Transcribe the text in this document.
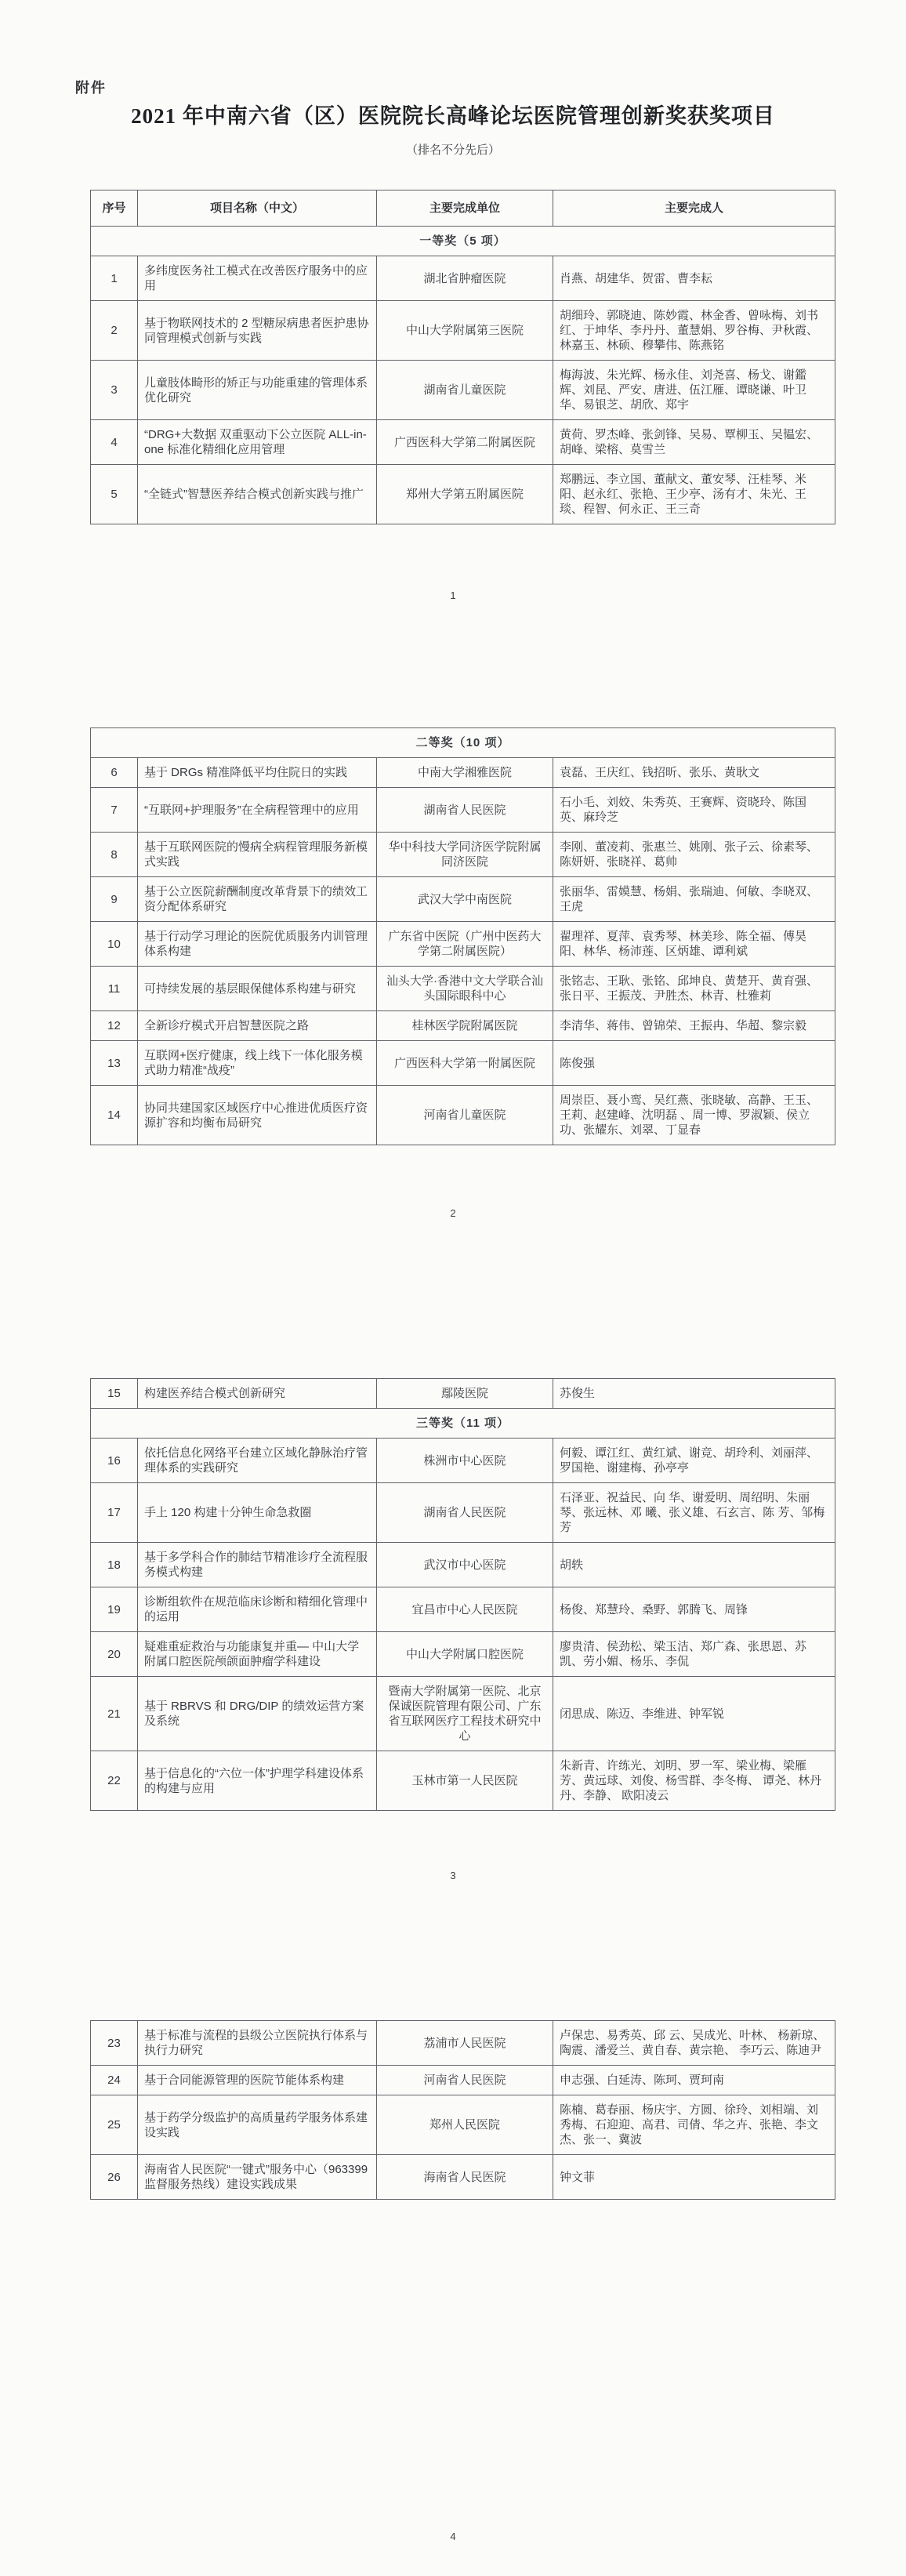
附件
2021 年中南六省（区）医院院长高峰论坛医院管理创新奖获奖项目
（排名不分先后）
序号	项目名称（中文）	主要完成单位	主要完成人
一等奖（5 项）			
1	多纬度医务社工模式在改善医疗服务中的应用	湖北省肿瘤医院	肖燕、胡建华、贺雷、曹李耘
2	基于物联网技术的 2 型糖尿病患者医护患协同管理模式创新与实践	中山大学附属第三医院	胡细玲、郭晓迪、陈妙霞、林金香、曾咏梅、刘书红、于坤华、李丹丹、董慧娟、罗谷梅、尹秋霞、林嘉玉、林硕、穆攀伟、陈燕铭
3	儿童肢体畸形的矫正与功能重建的管理体系优化研究	湖南省儿童医院	梅海波、朱光辉、杨永佳、刘尧喜、杨戈、谢鑑辉、刘昆、严安、唐进、伍江雁、谭晓谦、叶卫华、易银芝、胡欣、郑宇
4	“DRG+大数据 双重驱动下公立医院 ALL-in-one 标准化精细化应用管理	广西医科大学第二附属医院	黄荷、罗杰峰、张剑锋、吴易、覃柳玉、吴韫宏、胡峰、梁榕、莫雪兰
5	“全链式”智慧医养结合模式创新实践与推广	郑州大学第五附属医院	郑鹏远、李立国、董献文、董安琴、汪桂琴、米阳、赵永红、张艳、王少亭、汤有才、朱光、王琰、程智、何永正、王三奇
1
二等奖（10 项）			
6	基于 DRGs 精准降低平均住院日的实践	中南大学湘雅医院	袁磊、王庆红、钱招昕、张乐、黄耿文
7	“互联网+护理服务”在全病程管理中的应用	湖南省人民医院	石小毛、刘姣、朱秀英、王赛辉、资晓玲、陈国英、麻玲芝
8	基于互联网医院的慢病全病程管理服务新模式实践	华中科技大学同济医学院附属同济医院	李刚、董凌莉、张惠兰、姚刚、张子云、徐素琴、陈妍妍、张晓祥、葛帅
9	基于公立医院薪酬制度改革背景下的绩效工资分配体系研究	武汉大学中南医院	张丽华、雷嫫慧、杨娟、张瑞迪、何敏、李晓双、王虎
10	基于行动学习理论的医院优质服务内训管理体系构建	广东省中医院（广州中医药大学第二附属医院）	翟理祥、夏萍、袁秀琴、林美珍、陈全福、傅昊阳、林华、杨沛莲、区炳雄、谭利斌
11	可持续发展的基层眼保健体系构建与研究	汕头大学·香港中文大学联合汕头国际眼科中心	张铭志、王耿、张铭、邱坤良、黄楚开、黄育强、张日平、王振茂、尹胜杰、林青、杜雅莉
12	全新诊疗模式开启智慧医院之路	桂林医学院附属医院	李清华、蒋伟、曾锦荣、王振冉、华超、黎宗毅
13	互联网+医疗健康，线上线下一体化服务模式助力精准“战疫”	广西医科大学第一附属医院	陈俊强
14	协同共建国家区域医疗中心推进优质医疗资源扩容和均衡布局研究	河南省儿童医院	周崇臣、聂小鸾、吴红燕、张晓敏、高静、王玉、王莉、赵建峰、沈明磊 、周一博、罗淑颖、侯立功、张耀东、刘翠、丁显春
2
15	构建医养结合模式创新研究	鄢陵医院	苏俊生
三等奖（11 项）			
16	依托信息化网络平台建立区域化静脉治疗管理体系的实践研究	株洲市中心医院	何毅、谭江红、黄红斌、谢竞、胡玲利、刘丽萍、罗国艳、谢建梅、孙亭亭
17	手上 120 构建十分钟生命急救圈	湖南省人民医院	石泽亚、祝益民、向 华、谢爱明、周绍明、朱丽琴、张远林、邓 曦、张义雄、石玄言、陈 芳、邹梅芳
18	基于多学科合作的肺结节精准诊疗全流程服务模式构建	武汉市中心医院	胡轶
19	诊断组软件在规范临床诊断和精细化管理中的运用	宜昌市中心人民医院	杨俊、郑慧玲、桑野、郭腾飞、周锋
20	疑难重症救治与功能康复并重— 中山大学附属口腔医院颅颌面肿瘤学科建设	中山大学附属口腔医院	廖贵清、侯劲松、梁玉洁、郑广森、张思恩、苏凯、劳小媚、杨乐、李侃
21	基于 RBRVS 和 DRG/DIP 的绩效运营方案及系统	暨南大学附属第一医院、北京保诚医院管理有限公司、广东省互联网医疗工程技术研究中心	闭思成、陈迈、李维进、钟军锐
22	基于信息化的“六位一体”护理学科建设体系的构建与应用	玉林市第一人民医院	朱新青、许练光、刘明、罗一军、梁业梅、梁雁芳、黄远球、刘俊、杨雪群、李冬梅、 谭尧、林丹丹、李静、 欧阳凌云
3
23	基于标准与流程的县级公立医院执行体系与执行力研究	荔浦市人民医院	卢保忠、易秀英、邱 云、吴成光、叶林、 杨新琼、陶震、潘爱兰、黄自春、黄宗艳、 李巧云、陈迪尹
24	基于合同能源管理的医院节能体系构建	河南省人民医院	申志强、白延涛、陈珂、贾珂南
25	基于药学分级监护的高质量药学服务体系建设实践	郑州人民医院	陈楠、葛春丽、杨庆宇、方圆、徐玲、刘相端、刘秀梅、石迎迎、高君、司倩、华之卉、张艳、李文杰、张一、冀波
26	海南省人民医院“一键式”服务中心（963399 监督服务热线）建设实践成果	海南省人民医院	钟文菲
4
